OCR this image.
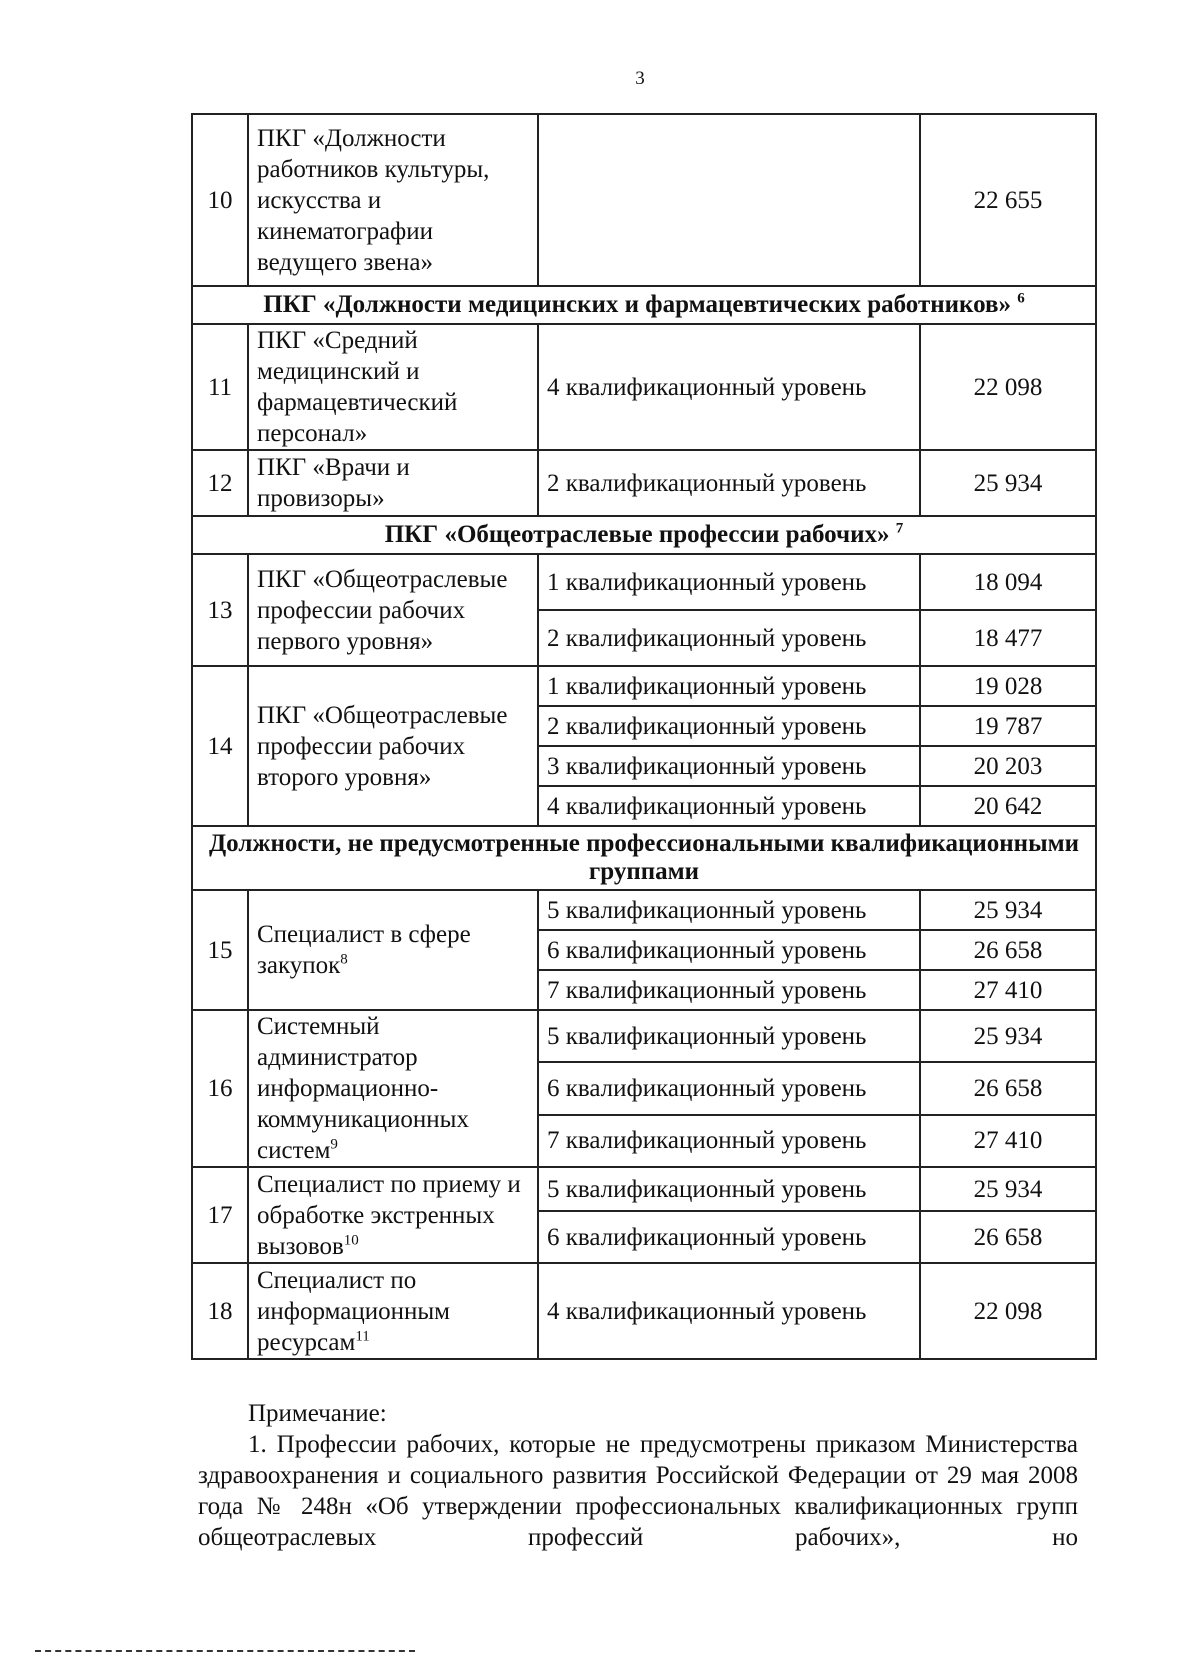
3
10	ПКГ «Должности работников культуры, искусства и кинематографии ведущего звена»		22 655
ПКГ «Должности медицинских и фармацевтических работников» $^6$
11	ПКГ «Средний медицинский и фармацевтический персонал»	4 квалификационный уровень	22 098
12	ПКГ «Врачи и провизоры»	2 квалификационный уровень	25 934
ПКГ «Общеотраслевые профессии рабочих» $^7$
13	ПКГ «Общеотраслевые профессии рабочих первого уровня»	1 квалификационный уровень	18 094
		2 квалификационный уровень	18 477
14	ПКГ «Общеотраслевые профессии рабочих второго уровня»	1 квалификационный уровень	19 028
		2 квалификационный уровень	19 787
		3 квалификационный уровень	20 203
		4 квалификационный уровень	20 642
Должности, не предусмотренные профессиональными квалификационными группами			
15	Специалист в сфере закупок$^8$	5 квалификационный уровень	25 934
		6 квалификационный уровень	26 658
		7 квалификационный уровень	27 410
16	Системный администратор информационно-коммуникационных систем$^9$	5 квалификационный уровень	25 934
		6 квалификационный уровень	26 658
		7 квалификационный уровень	27 410
17	Специалист по приему и обработке экстренных вызовов$^{10}$	5 квалификационный уровень	25 934
		6 квалификационный уровень	26 658
18	Специалист по информационным ресурсам$^{11}$	4 квалификационный уровень	22 098
Примечание:

1. Профессии рабочих, которые не предусмотрены приказом Министерства здравоохранения и социального развития Российской Федерации от 29 мая 2008 года № 248н «Об утверждении профессиональных квалификационных групп общеотраслевых профессий рабочих», но
